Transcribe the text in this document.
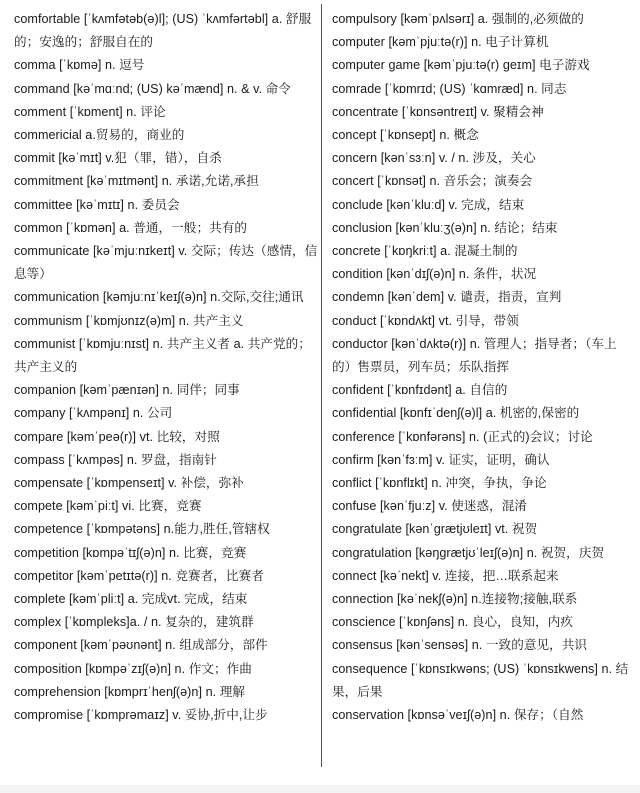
comfortable [ˈkʌmfətəb(ə)l]; (US) ˈkʌmfərtəbl] a. 舒服的；安逸的；舒服自在的
comma [ˈkɒmə] n. 逗号
command [kəˈmɑːnd; (US) kəˈmænd] n. & v. 命令
comment [ˈkɒment] n. 评论
commericial a.贸易的，商业的
commit [kəˈmɪt] v.犯（罪，错），自杀
commitment [kəˈmɪtmənt] n. 承诺,允诺,承担
committee [kəˈmɪtɪ] n. 委员会
common [ˈkɒmən] a. 普通，一般；共有的
communicate [kəˈmjuːnɪkeɪt] v. 交际；传达（感情，信息等）
communication [kəmjuːnɪˈkeɪʃ(ə)n] n.交际,交往;通讯
communism [ˈkɒmjʊnɪz(ə)m] n. 共产主义
communist [ˈkɒmjuːnɪst] n. 共产主义者 a. 共产党的；共产主义的
companion [kəmˈpænɪən] n. 同伴；同事
company [ˈkʌmpənɪ] n. 公司
compare [kəmˈpeə(r)] vt. 比较，对照
compass [ˈkʌmpəs] n. 罗盘，指南针
compensate [ˈkɒmpenseɪt] v. 补偿，弥补
compete [kəmˈpiːt] vi. 比赛，竞赛
competence [ˈkɒmpətəns] n.能力,胜任,管辖权
competition [kɒmpəˈtɪʃ(ə)n] n. 比赛，竞赛
competitor [kəmˈpetɪtə(r)] n. 竞赛者，比赛者
complete [kəmˈpliːt] a. 完成vt. 完成，结束
complex [ˈkɒmpleks]a. / n. 复杂的，建筑群
component [kəmˈpəʊnənt] n. 组成部分，部件
composition [kɒmpəˈzɪʃ(ə)n] n. 作文；作曲
comprehension [kɒmprɪˈhenʃ(ə)n] n. 理解
compromise [ˈkɒmprəmaɪz] v. 妥协,折中,让步
compulsory [kəmˈpʌlsərɪ] a. 强制的,必须做的
computer [kəmˈpjuːtə(r)] n. 电子计算机
computer game [kəmˈpjuːtə(r) geɪm] 电子游戏
comrade [ˈkɒmrɪd; (US) ˈkɑmræd] n. 同志
concentrate [ˈkɒnsəntreɪt] v. 聚精会神
concept [ˈkɒnsept] n. 概念
concern [kənˈsɜːn] v. / n. 涉及，关心
concert [ˈkɒnsət] n. 音乐会；演奏会
conclude [kənˈkluːd] v. 完成，结束
conclusion [kənˈkluːʒ(ə)n] n. 结论；结束
concrete [ˈkɒŋkriːt] a. 混凝土制的
condition [kənˈdɪʃ(ə)n] n. 条件，状况
condemn [kənˈdem] v. 谴责，指责，宣判
conduct [ˈkɒndʌkt] vt. 引导，带领
conductor [kənˈdʌktə(r)] n. 管理人；指导者；（车上的）售票员，列车员；乐队指挥
confident [ˈkɒnfɪdənt] a. 自信的
confidential [kɒnfɪˈdenʃ(ə)l] a. 机密的,保密的
conference [ˈkɒnfərəns] n. (正式的)会议；讨论
confirm [kənˈfɜːm] v. 证实，证明，确认
conflict [ˈkɒnflɪkt] n. 冲突，争执，争论
confuse [kənˈfjuːz] v. 使迷惑，混淆
congratulate [kənˈɡrætjʊleɪt] vt. 祝贺
congratulation [kəŋɡrætjʊˈleɪʃ(ə)n] n. 祝贺，庆贺
connect [kəˈnekt] v. 连接，把…联系起来
connection [kəˈnekʃ(ə)n] n.连接物;接触,联系
conscience [ˈkɒnʃəns] n. 良心，良知，内疚
consensus [kənˈsensəs] n. 一致的意见，共识
consequence [ˈkɒnsɪkwəns; (US) ˈkɒnsɪkwens] n. 结果，后果
conservation [kɒnsəˈveɪʃ(ə)n] n. 保存；（自然
